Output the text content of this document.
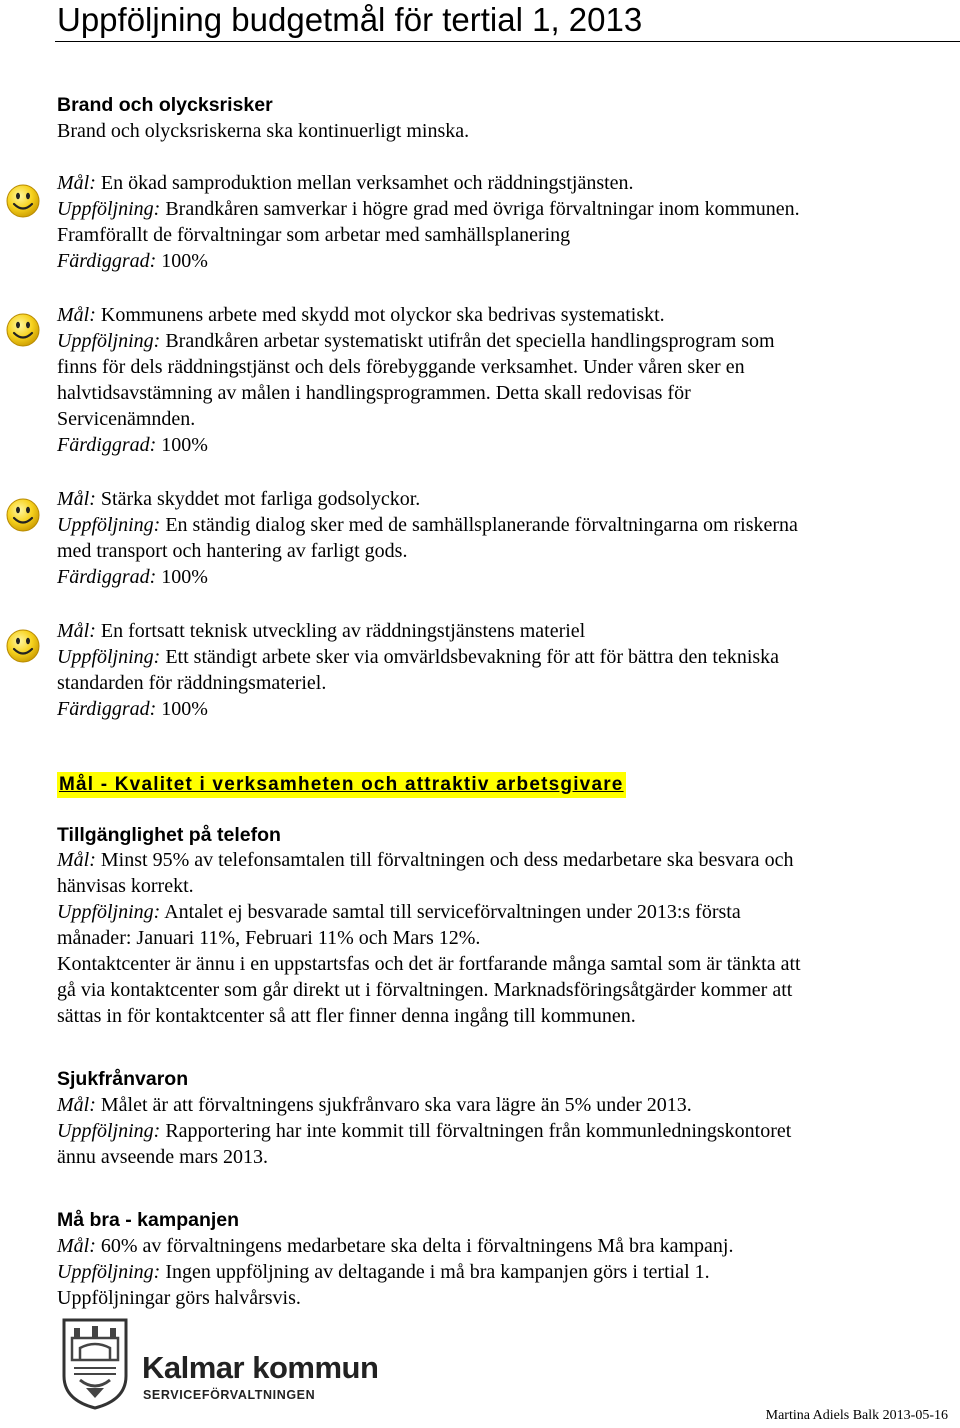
Uppföljning budgetmål för tertial 1, 2013
Brand och olycksrisker
Brand och olycksriskerna ska kontinuerligt minska.
Mål: En ökad samproduktion mellan verksamhet och räddningstjänsten.
Uppföljning: Brandkåren samverkar i högre grad med övriga förvaltningar inom kommunen.
Framförallt de förvaltningar som arbetar med samhällsplanering
Färdiggrad: 100%
Mål: Kommunens arbete med skydd mot olyckor ska bedrivas systematiskt.
Uppföljning: Brandkåren arbetar systematiskt utifrån det speciella handlingsprogram som
finns för dels räddningstjänst och dels förebyggande verksamhet. Under våren sker en
halvtidsavstämning av målen i handlingsprogrammen. Detta skall redovisas för
Servicenämnden.
Färdiggrad: 100%
Mål: Stärka skyddet mot farliga godsolyckor.
Uppföljning: En ständig dialog sker med de samhällsplanerande förvaltningarna om riskerna
med transport och hantering av farligt gods.
Färdiggrad: 100%
Mål: En fortsatt teknisk utveckling av räddningstjänstens materiel
Uppföljning: Ett ständigt arbete sker via omvärldsbevakning för att för bättra den tekniska
standarden för räddningsmateriel.
Färdiggrad: 100%
Mål - Kvalitet i verksamheten och attraktiv arbetsgivare
Tillgänglighet på telefon
Mål: Minst 95% av telefonsamtalen till förvaltningen och dess medarbetare ska besvara och
hänvisas korrekt.
Uppföljning: Antalet ej besvarade samtal till serviceförvaltningen under 2013:s första
månader: Januari 11%, Februari 11% och Mars 12%.
Kontaktcenter är ännu i en uppstartsfas och det är fortfarande många samtal som är tänkta att
gå via kontaktcenter som går direkt ut i förvaltningen. Marknadsföringsåtgärder kommer att
sättas in för kontaktcenter så att fler finner denna ingång till kommunen.
Sjukfrånvaron
Mål: Målet är att förvaltningens sjukfrånvaro ska vara lägre än 5% under 2013.
Uppföljning: Rapportering har inte kommit till förvaltningen från kommunledningskontoret
ännu avseende mars 2013.
Må bra - kampanjen
Mål: 60% av förvaltningens medarbetare ska delta i förvaltningens Må bra kampanj.
Uppföljning: Ingen uppföljning av deltagande i må bra kampanjen görs i tertial 1.
Uppföljningar görs halvårsvis.
Kalmar kommun
SERVICEFÖRVALTNINGEN
Martina Adiels Balk 2013-05-16
